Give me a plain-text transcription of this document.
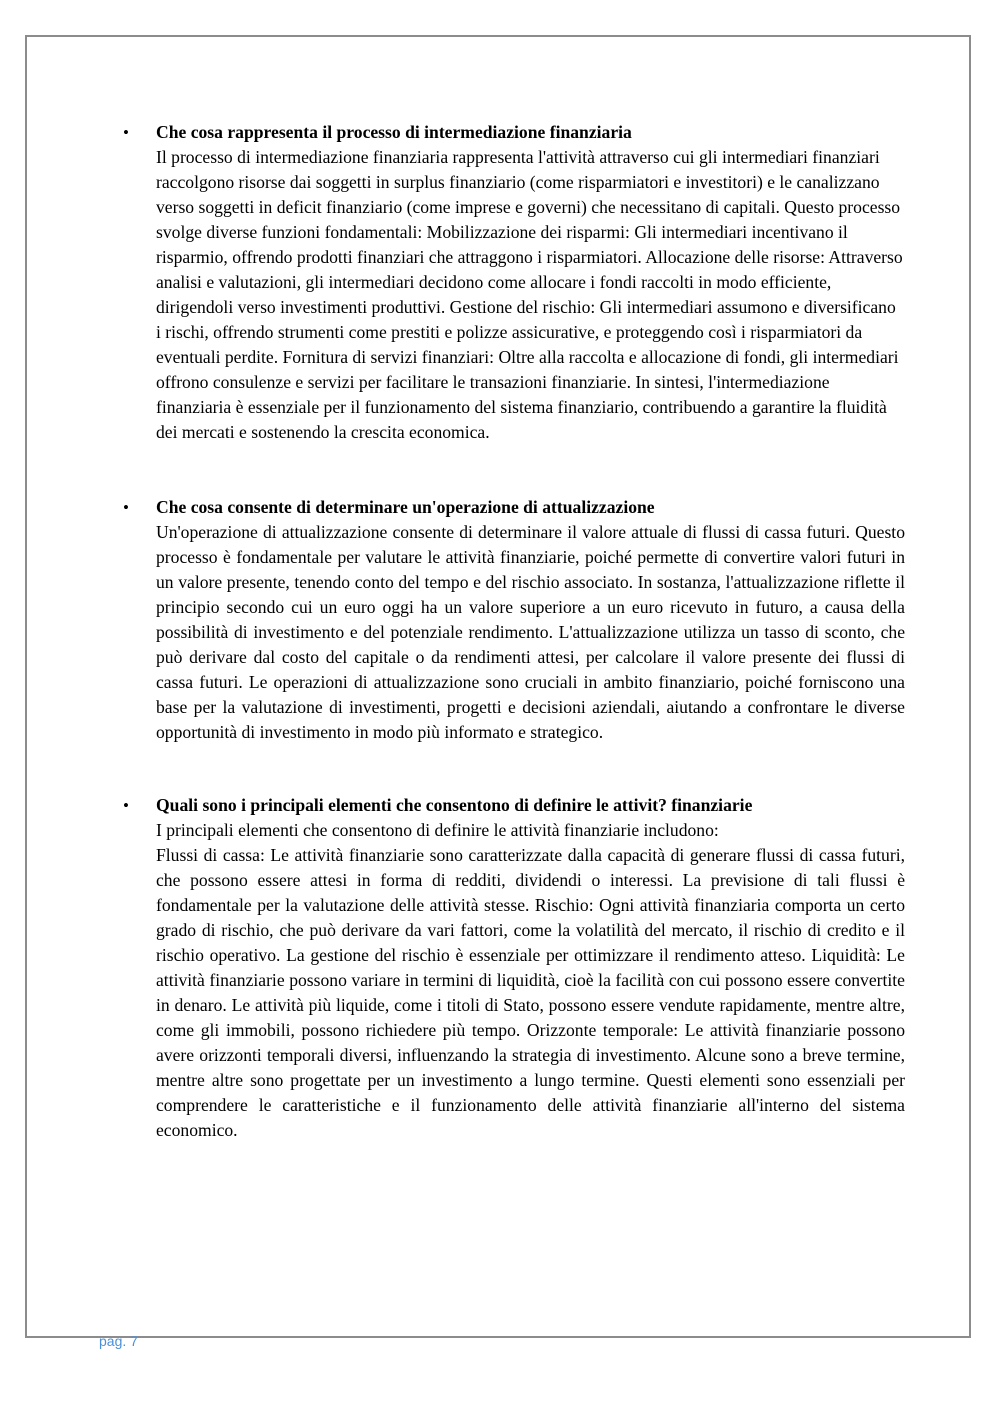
• Che cosa rappresenta il processo di intermediazione finanziaria

Il processo di intermediazione finanziaria rappresenta l'attività attraverso cui gli intermediari finanziari raccolgono risorse dai soggetti in surplus finanziario (come risparmiatori e investitori) e le canalizzano verso soggetti in deficit finanziario (come imprese e governi) che necessitano di capitali. Questo processo svolge diverse funzioni fondamentali: Mobilizzazione dei risparmi: Gli intermediari incentivano il risparmio, offrendo prodotti finanziari che attraggono i risparmiatori. Allocazione delle risorse: Attraverso analisi e valutazioni, gli intermediari decidono come allocare i fondi raccolti in modo efficiente, dirigendoli verso investimenti produttivi. Gestione del rischio: Gli intermediari assumono e diversificano i rischi, offrendo strumenti come prestiti e polizze assicurative, e proteggendo così i risparmiatori da eventuali perdite. Fornitura di servizi finanziari: Oltre alla raccolta e allocazione di fondi, gli intermediari offrono consulenze e servizi per facilitare le transazioni finanziarie. In sintesi, l'intermediazione finanziaria è essenziale per il funzionamento del sistema finanziario, contribuendo a garantire la fluidità dei mercati e sostenendo la crescita economica.

• Che cosa consente di determinare un'operazione di attualizzazione

Un'operazione di attualizzazione consente di determinare il valore attuale di flussi di cassa futuri. Questo processo è fondamentale per valutare le attività finanziarie, poiché permette di convertire valori futuri in un valore presente, tenendo conto del tempo e del rischio associato. In sostanza, l'attualizzazione riflette il principio secondo cui un euro oggi ha un valore superiore a un euro ricevuto in futuro, a causa della possibilità di investimento e del potenziale rendimento. L'attualizzazione utilizza un tasso di sconto, che può derivare dal costo del capitale o da rendimenti attesi, per calcolare il valore presente dei flussi di cassa futuri. Le operazioni di attualizzazione sono cruciali in ambito finanziario, poiché forniscono una base per la valutazione di investimenti, progetti e decisioni aziendali, aiutando a confrontare le diverse opportunità di investimento in modo più informato e strategico.

• Quali sono i principali elementi che consentono di definire le attivit? finanziarie

I principali elementi che consentono di definire le attività finanziarie includono:

Flussi di cassa: Le attività finanziarie sono caratterizzate dalla capacità di generare flussi di cassa futuri, che possono essere attesi in forma di redditi, dividendi o interessi. La previsione di tali flussi è fondamentale per la valutazione delle attività stesse. Rischio: Ogni attività finanziaria comporta un certo grado di rischio, che può derivare da vari fattori, come la volatilità del mercato, il rischio di credito e il rischio operativo. La gestione del rischio è essenziale per ottimizzare il rendimento atteso. Liquidità: Le attività finanziarie possono variare in termini di liquidità, cioè la facilità con cui possono essere convertite in denaro. Le attività più liquide, come i titoli di Stato, possono essere vendute rapidamente, mentre altre, come gli immobili, possono richiedere più tempo. Orizzonte temporale: Le attività finanziarie possono avere orizzonti temporali diversi, influenzando la strategia di investimento. Alcune sono a breve termine, mentre altre sono progettate per un investimento a lungo termine. Questi elementi sono essenziali per comprendere le caratteristiche e il funzionamento delle attività finanziarie all'interno del sistema economico.

pag. 7
